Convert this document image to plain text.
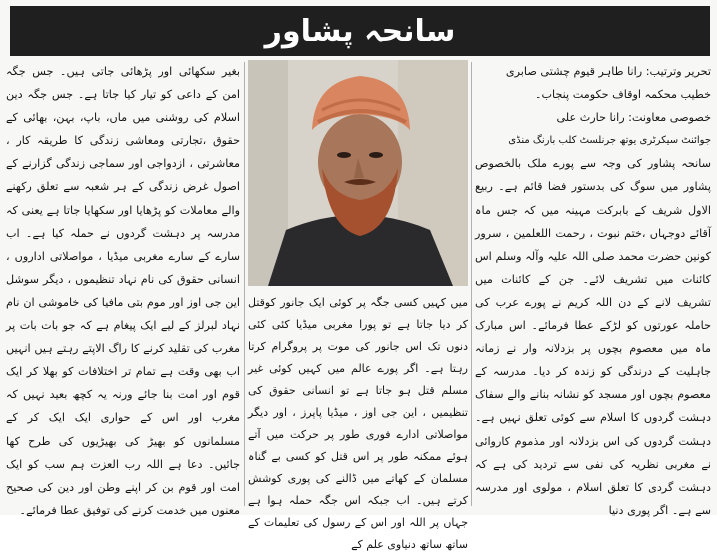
سانحہ پشاور

تحریر وترتیب: رانا طاہر قیوم چشتی صابری

خطیب محکمہ اوقاف حکومت پنجاب۔

خصوصی معاونت: رانا حارث علی

جوائنٹ سیکرٹری یوتھ جرنلسٹ کلب بارنگ منڈی

سانحہ پشاور کی وجہ سے پورے ملک بالخصوص پشاور میں سوگ کی بدستور فضا قائم ہے۔ ربیع الاول شریف کے بابرکت مہینہ میں کہ جس ماہ آقائے دوجہاں ،ختم نبوت ، رحمت اللعلمین ، سرور کونین حضرت محمد صلی اللہ علیہ وآلہ وسلم اس کائنات میں تشریف لائے۔ جن کے کائنات میں تشریف لانے کے دن اللہ کریم نے پورے عرب کی حاملہ عورتوں کو لڑکے عطا فرمائے۔ اس مبارک ماہ میں معصوم بچوں پر بزدلانہ وار نے زمانہ جاہلیت کے درندگی کو زندہ کر دیا۔ مدرسہ کے معصوم بچوں اور مسجد کو نشانہ بنانے والے سفاک دہشت گردوں کا اسلام سے کوئی تعلق نہیں ہے۔ دہشت گردوں کی اس بزدلانہ اور مذموم کاروائی نے مغربی نظریہ کی نفی سے تردید کی ہے کہ دہشت گردی کا تعلق اسلام ، مولوی اور مدرسہ سے ہے۔ اگر پوری دنیا

میں کہیں کسی جگہ پر کوئی ایک جانور کوقتل کر دیا جاتا ہے تو پورا مغربی میڈیا کئی کئی دنوں تک اس جانور کی موت پر پروگرام کرتا رہتا ہے۔ اگر پورے عالم میں کہیں کوئی غیر مسلم قتل ہو جاتا ہے تو انسانی حقوق کی تنظیمیں ، این جی اوز ، میڈیا پاپرز ، اور دیگر مواصلاتی ادارے فوری طور پر حرکت میں آتے ہوئے ممکنہ طور پر اس قتل کو کسی بے گناہ مسلمان کے کھاتے میں ڈالنے کی پوری کوشش کرتے ہیں۔ اب جبکہ اس جگہ حملہ ہوا ہے جہاں پر اللہ اور اس کے رسول کی تعلیمات کے ساتھ ساتھ دنیاوی علم کے

بغیر سکھائی اور پڑھائی جاتی ہیں۔ جس جگہ امن کے داعی کو تیار کیا جاتا ہے۔ جس جگہ دین اسلام کی روشنی میں ماں، باپ، بہن، بھائی کے حقوق ،تجارتی ومعاشی زندگی کا طریقہ کار ، معاشرتی ، ازدواجی اور سماجی زندگی گزارنے کے اصول غرض زندگی کے ہر شعبہ سے تعلق رکھنے والے معاملات کو پڑھایا اور سکھایا جاتا ہے یعنی کہ مدرسہ پر دہشت گردوں نے حملہ کیا ہے۔ اب سارے کے سارے مغربی میڈیا ، مواصلاتی اداروں ، انسانی حقوق کی نام نہاد تنظیموں ، دیگر سوشل این جی اوز اور موم بتی مافیا کی خاموشی ان نام نہاد لبرلز کے لیے ایک پیغام ہے کہ جو بات بات پر مغرب کی تقلید کرنے کا راگ الاپتے رہتے ہیں انہیں اب بھی وقت ہے تمام تر اختلافات کو بھلا کر ایک قوم اور امت بنا جائے ورنہ یہ کچھ بعید نہیں کہ مغرب اور اس کے حواری ایک ایک کر کے مسلمانوں کو بھیڑ کی بھیڑیوں کی طرح کھا جائیں۔ دعا ہے اللہ رب العزت ہم سب کو ایک امت اور قوم بن کر اپنے وطن اور دین کی صحیح معنوں میں خدمت کرنے کی توفیق عطا فرمائے۔
